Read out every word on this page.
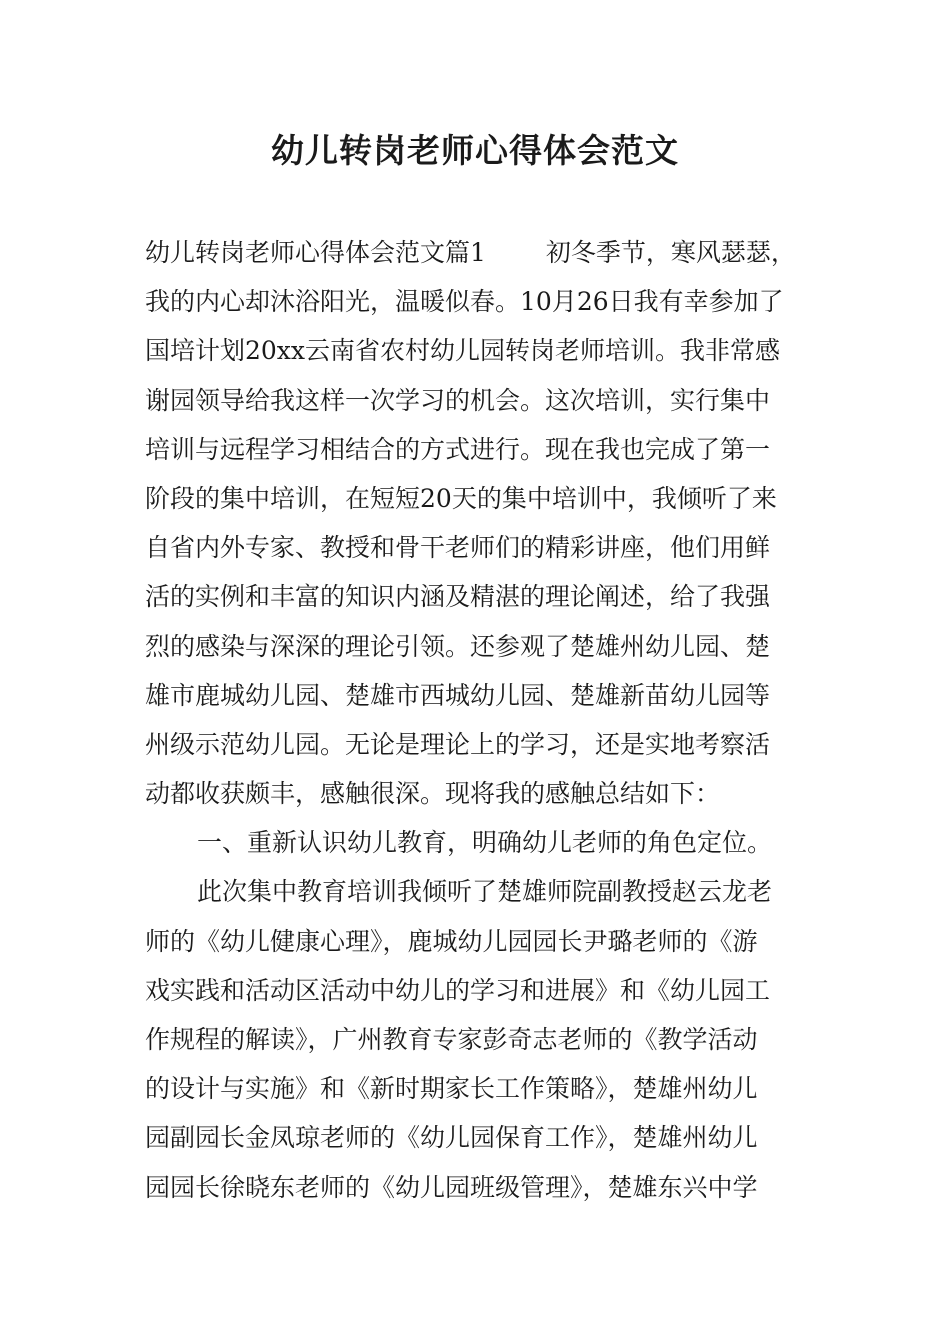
幼儿转岗老师心得体会范文
幼儿转岗老师心得体会范文篇1 初冬季节，寒风瑟瑟，
我的内心却沐浴阳光，温暖似春。10月26日我有幸参加了
国培计划20xx云南省农村幼儿园转岗老师培训。我非常感
谢园领导给我这样一次学习的机会。这次培训，实行集中
培训与远程学习相结合的方式进行。现在我也完成了第一
阶段的集中培训，在短短20天的集中培训中，我倾听了来
自省内外专家、教授和骨干老师们的精彩讲座，他们用鲜
活的实例和丰富的知识内涵及精湛的理论阐述，给了我强
烈的感染与深深的理论引领。还参观了楚雄州幼儿园、楚
雄市鹿城幼儿园、楚雄市西城幼儿园、楚雄新苗幼儿园等
州级示范幼儿园。无论是理论上的学习，还是实地考察活
动都收获颇丰，感触很深。现将我的感触总结如下：
一、重新认识幼儿教育，明确幼儿老师的角色定位。
此次集中教育培训我倾听了楚雄师院副教授赵云龙老
师的《幼儿健康心理》，鹿城幼儿园园长尹璐老师的《游
戏实践和活动区活动中幼儿的学习和进展》和《幼儿园工
作规程的解读》，广州教育专家彭奇志老师的《教学活动
的设计与实施》和《新时期家长工作策略》，楚雄州幼儿
园副园长金凤琼老师的《幼儿园保育工作》，楚雄州幼儿
园园长徐晓东老师的《幼儿园班级管理》，楚雄东兴中学
